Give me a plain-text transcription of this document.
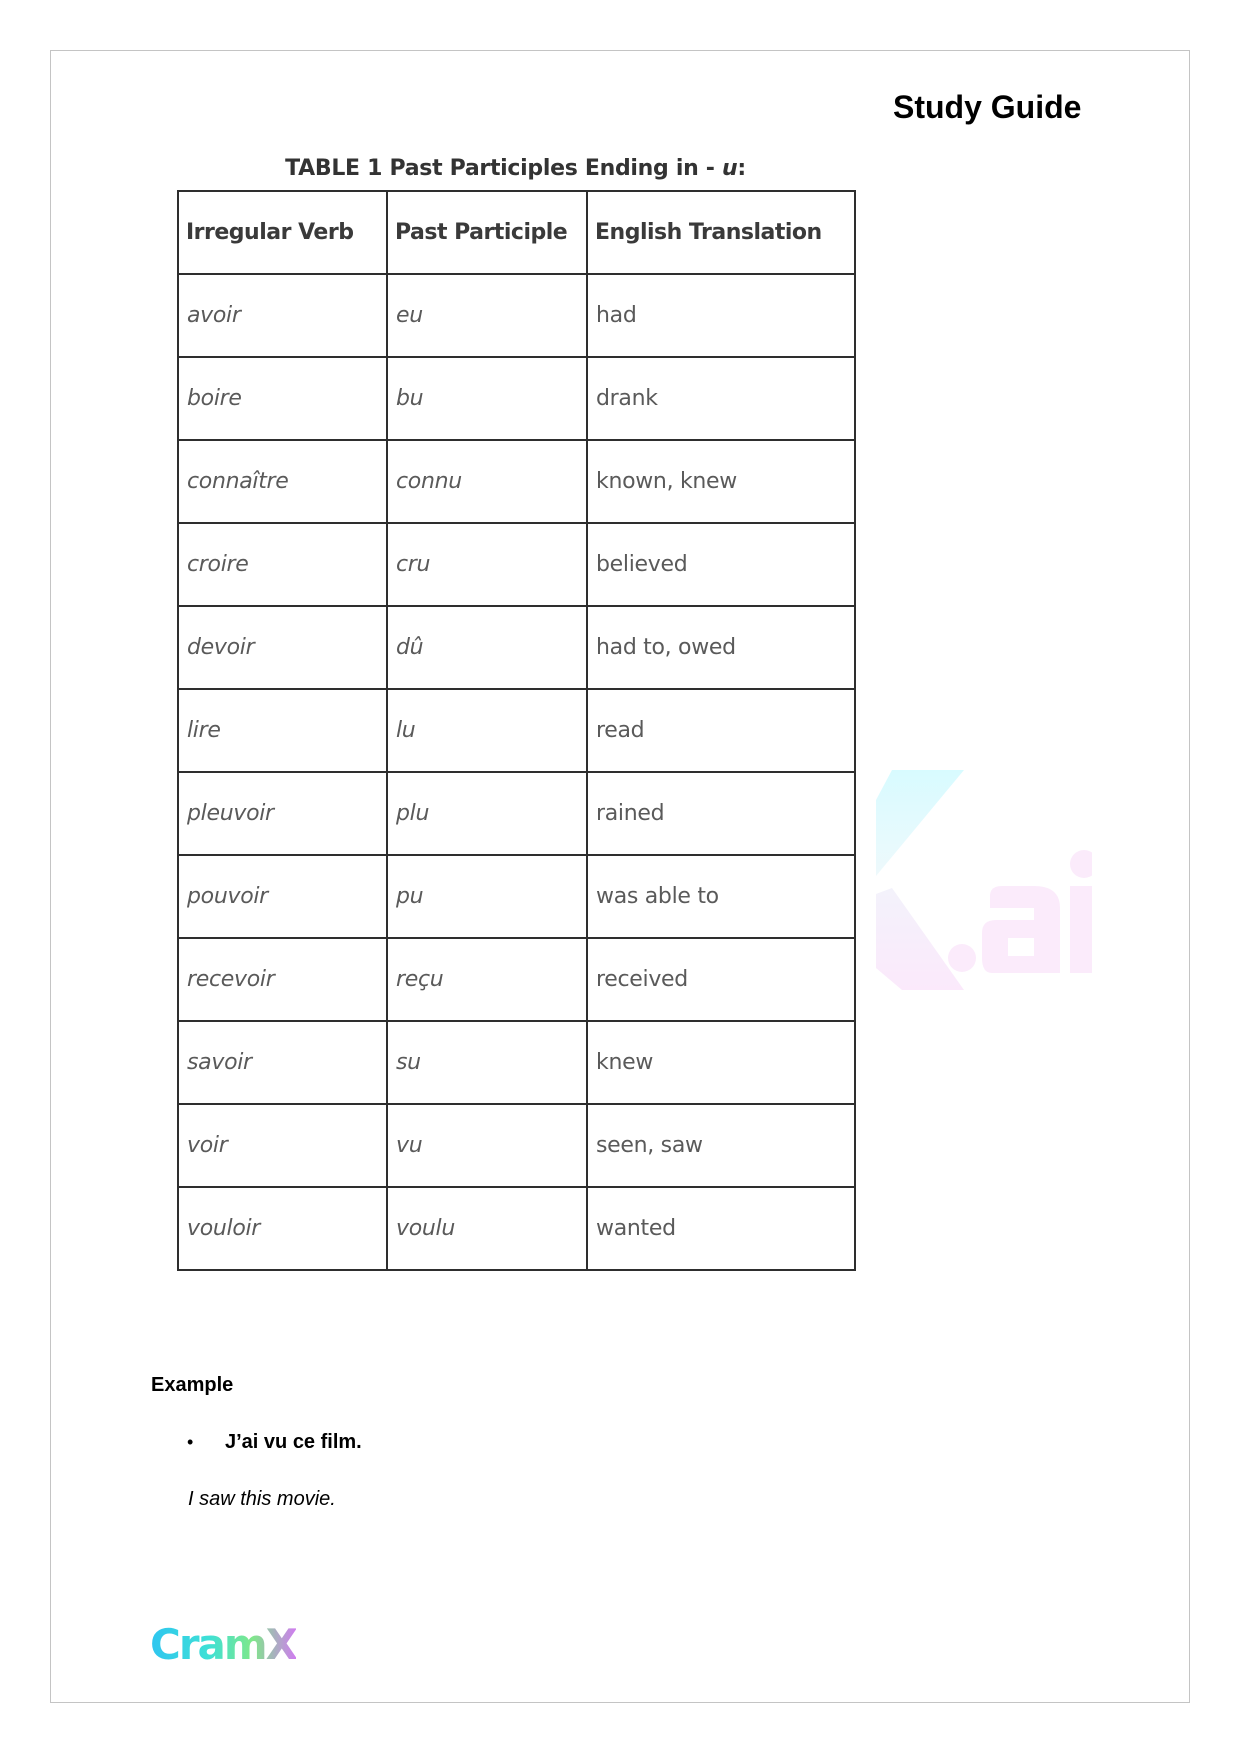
Study Guide
TABLE 1 Past Participles Ending in - u:
Irregular Verb	Past Participle	English Translation
avoir	eu	had
boire	bu	drank
connaître	connu	known, knew
croire	cru	believed
devoir	dû	had to, owed
lire	lu	read
pleuvoir	plu	rained
pouvoir	pu	was able to
recevoir	reçu	received
savoir	su	knew
voir	vu	seen, saw
vouloir	voulu	wanted
Example
•	J’ai vu ce film.
I saw this movie.
CramX
